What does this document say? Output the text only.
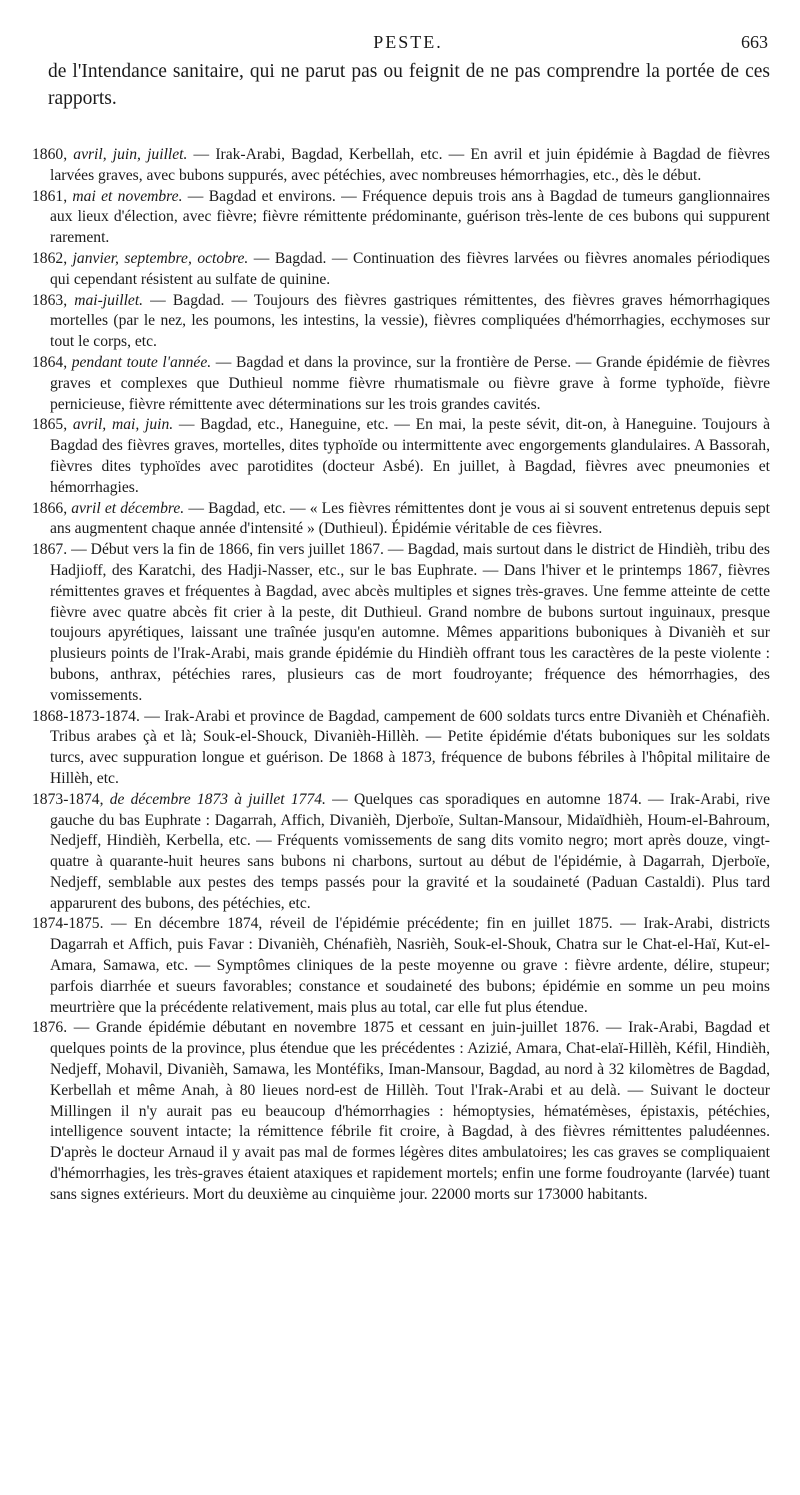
PESTE.	663

de l'Intendance sanitaire, qui ne parut pas ou feignit de ne pas comprendre la portée de ces rapports.

1860, avril, juin, juillet. — Irak-Arabi, Bagdad, Kerbellah, etc. — En avril et juin épidémie à Bagdad de fièvres larvées graves, avec bubons suppurés, avec pétéchies, avec nombreuses hémorrhagies, etc., dès le début.

1861, mai et novembre. — Bagdad et environs. — Fréquence depuis trois ans à Bagdad de tumeurs ganglionnaires aux lieux d'élection, avec fièvre; fièvre rémittente prédominante, guérison très-lente de ces bubons qui suppurent rarement.

1862, janvier, septembre, octobre. — Bagdad. — Continuation des fièvres larvées ou fièvres anomales périodiques qui cependant résistent au sulfate de quinine.

1863, mai-juillet. — Bagdad. — Toujours des fièvres gastriques rémittentes, des fièvres graves hémorrhagiques mortelles (par le nez, les poumons, les intestins, la vessie), fièvres compliquées d'hémorrhagies, ecchymoses sur tout le corps, etc.

1864, pendant toute l'année. — Bagdad et dans la province, sur la frontière de Perse. — Grande épidémie de fièvres graves et complexes que Duthieul nomme fièvre rhumatismale ou fièvre grave à forme typhoïde, fièvre pernicieuse, fièvre rémittente avec déterminations sur les trois grandes cavités.

1865, avril, mai, juin. — Bagdad, etc., Haneguine, etc. — En mai, la peste sévit, dit-on, à Haneguine. Toujours à Bagdad des fièvres graves, mortelles, dites typhoïde ou intermittente avec engorgements glandulaires. A Bassorah, fièvres dites typhoïdes avec parotidites (docteur Asbé). En juillet, à Bagdad, fièvres avec pneumonies et hémorrhagies.

1866, avril et décembre. — Bagdad, etc. — « Les fièvres rémittentes dont je vous ai si souvent entretenus depuis sept ans augmentent chaque année d'intensité » (Duthieul). Épidémie véritable de ces fièvres.

1867. — Début vers la fin de 1866, fin vers juillet 1867. — Bagdad, mais surtout dans le district de Hindièh, tribu des Hadjioff, des Karatchi, des Hadji-Nasser, etc., sur le bas Euphrate. — Dans l'hiver et le printemps 1867, fièvres rémittentes graves et fréquentes à Bagdad, avec abcès multiples et signes très-graves. Une femme atteinte de cette fièvre avec quatre abcès fit crier à la peste, dit Duthieul. Grand nombre de bubons surtout inguinaux, presque toujours apyrétiques, laissant une traînée jusqu'en automne. Mêmes apparitions buboniques à Divanièh et sur plusieurs points de l'Irak-Arabi, mais grande épidémie du Hindièh offrant tous les caractères de la peste violente : bubons, anthrax, pétéchies rares, plusieurs cas de mort foudroyante; fréquence des hémorrhagies, des vomissements.

1868-1873-1874. — Irak-Arabi et province de Bagdad, campement de 600 soldats turcs entre Divanièh et Chénafièh. Tribus arabes çà et là; Souk-el-Shouck, Divanièh-Hillèh. — Petite épidémie d'états buboniques sur les soldats turcs, avec suppuration longue et guérison. De 1868 à 1873, fréquence de bubons fébriles à l'hôpital militaire de Hillèh, etc.

1873-1874, de décembre 1873 à juillet 1774. — Quelques cas sporadiques en automne 1874. — Irak-Arabi, rive gauche du bas Euphrate : Dagarrah, Affich, Divanièh, Djerboïe, Sultan-Mansour, Midaïdhièh, Houm-el-Bahroum, Nedjeff, Hindièh, Kerbella, etc. — Fréquents vomissements de sang dits vomito negro; mort après douze, vingt-quatre à quarante-huit heures sans bubons ni charbons, surtout au début de l'épidémie, à Dagarrah, Djerboïe, Nedjeff, semblable aux pestes des temps passés pour la gravité et la soudaineté (Paduan Castaldi). Plus tard apparurent des bubons, des pétéchies, etc.

1874-1875. — En décembre 1874, réveil de l'épidémie précédente; fin en juillet 1875. — Irak-Arabi, districts Dagarrah et Affich, puis Favar : Divanièh, Chénafièh, Nasrièh, Souk-el-Shouk, Chatra sur le Chat-el-Haï, Kut-el-Amara, Samawa, etc. — Symptômes cliniques de la peste moyenne ou grave : fièvre ardente, délire, stupeur; parfois diarrhée et sueurs favorables; constance et soudaineté des bubons; épidémie en somme un peu moins meurtrière que la précédente relativement, mais plus au total, car elle fut plus étendue.

1876. — Grande épidémie débutant en novembre 1875 et cessant en juin-juillet 1876. — Irak-Arabi, Bagdad et quelques points de la province, plus étendue que les précédentes : Azizié, Amara, Chat-elaï-Hillèh, Kéfil, Hindièh, Nedjeff, Mohavil, Divanièh, Samawa, les Montéfiks, Iman-Mansour, Bagdad, au nord à 32 kilomètres de Bagdad, Kerbellah et même Anah, à 80 lieues nord-est de Hillèh. Tout l'Irak-Arabi et au delà. — Suivant le docteur Millingen il n'y aurait pas eu beaucoup d'hémorrhagies : hémoptysies, hématémèses, épistaxis, pétéchies, intelligence souvent intacte; la rémittence fébrile fit croire, à Bagdad, à des fièvres rémittentes paludéennes. D'après le docteur Arnaud il y avait pas mal de formes légères dites ambulatoires; les cas graves se compliquaient d'hémorrhagies, les très-graves étaient ataxiques et rapidement mortels; enfin une forme foudroyante (larvée) tuant sans signes extérieurs. Mort du deuxième au cinquième jour. 22000 morts sur 173000 habitants.
